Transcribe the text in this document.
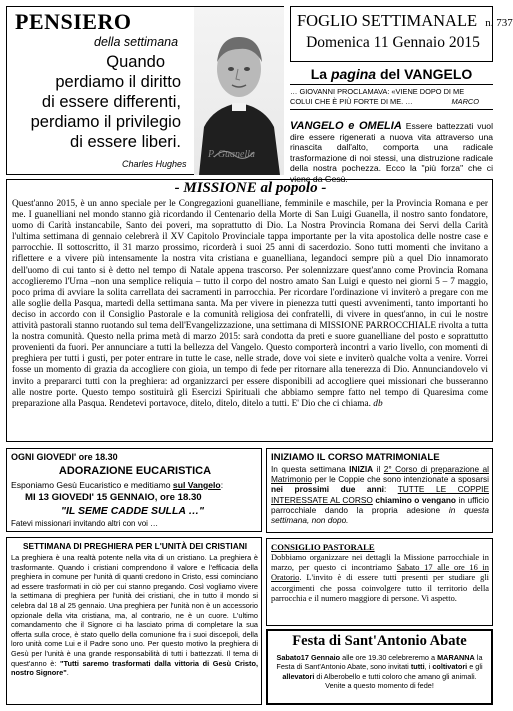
PENSIERO
della settimana
Quando
perdiamo il diritto
di essere differenti,
perdiamo il privilegio
di essere liberi.
Charles Hughes
P. Guanella
FOGLIO SETTIMANALE n. 737
Domenica 11 Gennaio 2015
La pagina del VANGELO
… GIOVANNI PROCLAMAVA: «VIENE DOPO DI ME
COLUI CHE È PIÙ FORTE DI ME. …	MARCO
VANGELO e OMELIA Essere battezzati vuol dire essere rigenerati a nuova vita attraverso una rinascita dall'alto, comporta una radicale trasformazione di noi stessi, una distruzione radicale della nostra pochezza. Ecco la "più forza" che ci viene da Gesù.
- MISSIONE al popolo -
Quest'anno 2015, è un anno speciale per le Congregazioni guanelliane, femminile e maschile, per la Provincia Romana e per me. I guanelliani nel mondo stanno già ricordando il Centenario della Morte di San Luigi Guanella, il nostro santo fondatore, uomo di Carità instancabile, Santo dei poveri, ma soprattutto di Dio. La Nostra Provincia Romana dei Servi della Carità l'ultima settimana di gennaio celebrerà il XV Capitolo Provinciale tappa importante per la vita apostolica delle nostre case e parrocchie. Il sottoscritto, il 31 marzo prossimo, ricorderà i suoi 25 anni di sacerdozio. Sono tutti momenti che invitano a riflettere e a vivere più intensamente la nostra vita cristiana e guanelliana, legandoci sempre più a quel Dio innamorato dell'uomo di cui tanto si è detto nel tempo di Natale appena trascorso. Per solennizzare quest'anno come Provincia Romana accoglieremo l'Urna –non una semplice reliquia – tutto il corpo del nostro amato San Luigi e questo nei giorni 5 – 7 maggio, poco prima di avviare la solita carrellata dei sacramenti in parrocchia. Per ricordare l'ordinazione vi inviterò a pregare con me alle soglie della Pasqua, martedì della settimana santa. Ma per vivere in pienezza tutti questi avvenimenti, tanto importanti ho deciso in accordo con il Consiglio Pastorale e la comunità religiosa dei confratelli, di vivere in quest'anno, in cui le nostre attività pastorali stanno ruotando sul tema dell'Evangelizzazione, una settimana di MISSIONE PARROCCHIALE rivolta a tutta la nostra comunità. Questo nella prima metà di marzo 2015: sarà condotta da preti e suore guanelliane del posto e soprattutto provenienti da fuori. Per annunciare a tutti la bellezza del Vangelo. Questo comporterà incontri a vario livello, con momenti di preghiera per tutti i gusti, per poter entrare in tutte le case, nelle strade, dove voi siete e inviterò qualche volta a venire. Vorrei fosse un momento di grazia da accogliere con gioia, un tempo di fede per ritornare alla tenerezza di Dio. Annunciandovelo vi invito a prepararci tutti con la preghiera: ad organizzarci per essere disponibili ad accogliere quei missionari che busseranno alle nostre porte. Questo tempo sostituirà gli Esercizi Spirituali che abbiamo sempre fatto nel tempo di Quaresima come preparazione alla Pasqua. Rendetevi portavoce, ditelo, ditelo, ditelo a tutti. E' Dio che ci chiama. db
OGNI GIOVEDI' ore 18.30
ADORAZIONE EUCARISTICA
Esponiamo Gesù Eucaristico e meditiamo sul Vangelo:
MI 13 GIOVEDI' 15 GENNAIO, ore 18.30
"IL SEME CADDE SULLA …"
Fatevi missionari invitando altri con voi …
SETTIMANA DI PREGHIERA PER L'UNITÀ DEI CRISTIANI
La preghiera è una realtà potente nella vita di un cristiano. La preghiera è trasformante. Quando i cristiani comprendono il valore e l'efficacia della preghiera in comune per l'unità di quanti credono in Cristo, essi cominciano ad essere trasformati in ciò per cui stanno pregando. Così vogliamo vivere la settimana di preghiera per l'unità dei cristiani, che in tutto il mondo si celebra dal 18 al 25 gennaio. Una preghiera per l'unità non è un accessorio opzionale della vita cristiana, ma, al contrario, ne è un cuore. L'ultimo comandamento che il Signore ci ha lasciato prima di completare la sua offerta sulla croce, è stato quello della comunione fra i suoi discepoli, della loro unità come Lui e il Padre sono uno. Per questo motivo la preghiera di Gesù per l'unità è una grande responsabilità di tutti i battezzati. Il tema di quest'anno è: "Tutti saremo trasformati dalla vittoria di Gesù Cristo, nostro Signore".
INIZIAMO IL CORSO MATRIMONIALE
In questa settimana INIZIA il 2° Corso di preparazione al Matrimonio per le Coppie che sono intenzionate a sposarsi nei prossimi due anni: TUTTE LE COPPIE INTERESSATE AL CORSO chiamino o vengano in ufficio parrocchiale dando la propria adesione in questa settimana, non dopo.
CONSIGLIO PASTORALE
Dobbiamo organizzare nei dettagli la Missione parrocchiale in marzo, per questo ci incontriamo Sabato 17 alle ore 16 in Oratorio. L'invito è di essere tutti presenti per studiare gli accorgimenti che possa coinvolgere tutto il territorio della parrocchia e il numero maggiore di persone. Vi aspetto.
Festa di Sant'Antonio Abate
Sabato17 Gennaio alle ore 19.30 celebreremo a MARANNA la Festa di Sant'Antonio Abate, sono invitati tutti, i coltivatori e gli allevatori di Alberobello e tutti coloro che amano gli animali.
Venite a questo momento di fede!
